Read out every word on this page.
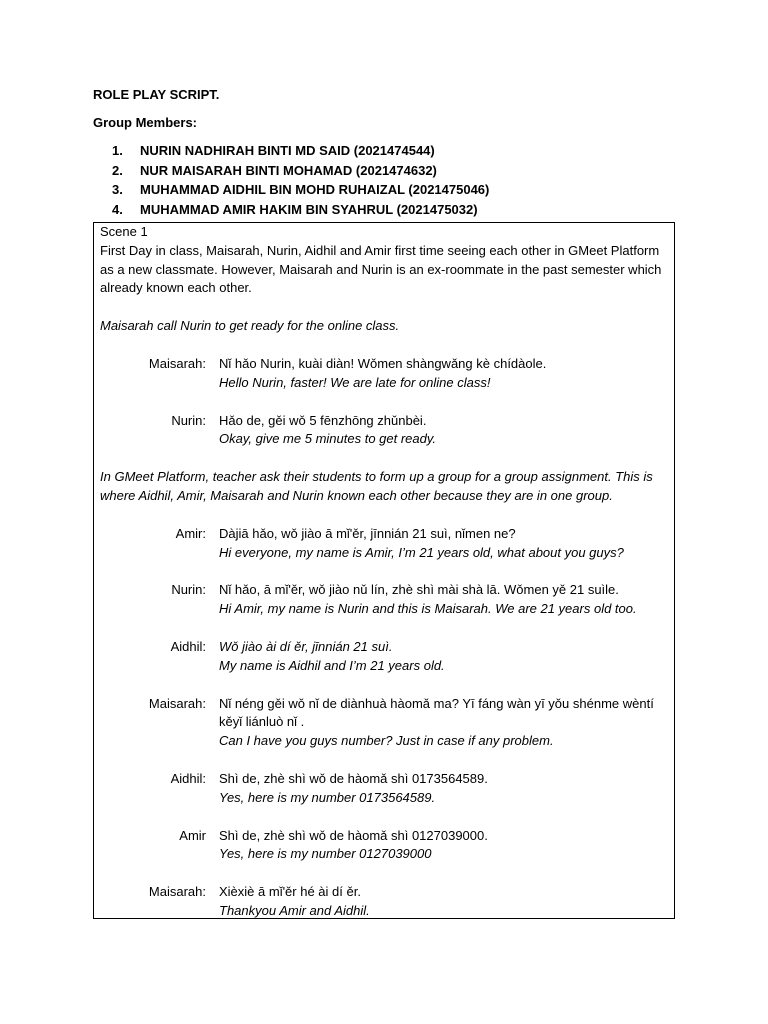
ROLE PLAY SCRIPT.
Group Members:
1. NURIN NADHIRAH BINTI MD SAID (2021474544)
2. NUR MAISARAH BINTI MOHAMAD (2021474632)
3. MUHAMMAD AIDHIL BIN MOHD RUHAIZAL (2021475046)
4. MUHAMMAD AMIR HAKIM BIN SYAHRUL (2021475032)

Scene 1

First Day in class, Maisarah, Nurin, Aidhil and Amir first time seeing each other in GMeet Platform as a new classmate. However, Maisarah and Nurin is an ex-roommate in the past semester which already known each other.

Maisarah call Nurin to get ready for the online class.

Maisarah:	Nǐ hǎo Nurin, kuài diàn! Wǒmen shàngwǎng kè chídàole.

Hello Nurin, faster! We are late for online class!

Nurin:	Hǎo de, gěi wǒ 5 fēnzhōng zhǔnbèi.

Okay, give me 5 minutes to get ready.

In GMeet Platform, teacher ask their students to form up a group for a group assignment. This is where Aidhil, Amir, Maisarah and Nurin known each other because they are in one group.

Amir:	Dàjiā hǎo, wǒ jiào ā mǐ'ěr, jīnnián 21 suì, nǐmen ne?

Hi everyone, my name is Amir, I’m 21 years old, what about you guys?

Nurin:	Nǐ hǎo, ā mǐ'ěr, wǒ jiào nǔ lín, zhè shì mài shà lā. Wǒmen yě 21 suìle.

Hi Amir, my name is Nurin and this is Maisarah. We are 21 years old too.

Aidhil:	Wǒ jiào ài dí ěr, jīnnián 21 suì.

My name is Aidhil and I’m 21 years old.

Maisarah:	Nǐ néng gěi wǒ nǐ de diànhuà hàomǎ ma? Yī fáng wàn yī yǒu shénme wèntí kěyǐ liánluò nǐ .

Can I have you guys number? Just in case if any problem.

Aidhil:	Shì de, zhè shì wǒ de hàomǎ shì 0173564589.

Yes, here is my number 0173564589.

Amir	Shì de, zhè shì wǒ de hàomǎ shì 0127039000.

Yes, here is my number 0127039000

Maisarah:	Xièxiè ā mǐ'ěr hé ài dí ěr.

Thankyou Amir and Aidhil.
